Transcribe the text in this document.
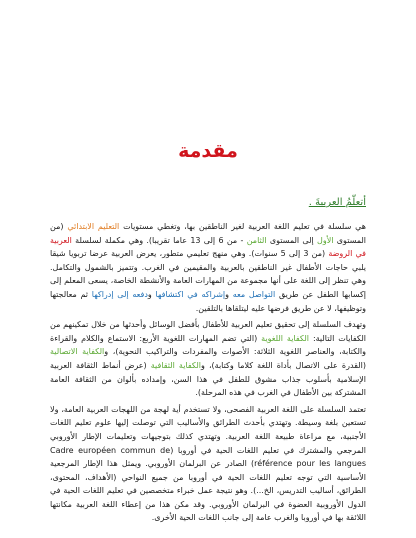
مقدمة
أتعلّمُ العربيةَ .

هي سلسلة في تعليم اللغة العربية لغير الناطقين بها، وتغطي مستويات التعليم الابتدائي (من المستوى الأول إلى المستوى الثامن - من 6 إلى 13 عاما تقريبا). وهي مكملة لسلسلة العربية في الروضة (من 3 إلى 5 سنوات). وهي منهج تعليمي متطور، يعرض العربية عرضا تربويا شيقا يلبي حاجات الأطفال غير الناطقين بالعربية والمقيمين في الغرب. وتتميز بالشمول والتكامل. وهي تنظر إلى اللغة على أنها مجموعة من المهارات العامة والأنشطة الخاصة، يسعى المعلم إلى إكسابها الطفل عن طريق التواصل معه وإشراكه في اكتشافها ودفعه إلى إدراكها ثم معالجتها وتوظيفها، لا عن طريق فرضها عليه ليتلقاها بالتلقين.

وتهدف السلسلة إلى تحقيق تعليم العربية للأطفال بأفضل الوسائل وأحدثها من خلال تمكينهم من الكفايات التالية: الكفاية اللغوية (التي تضم المهارات اللغوية الأربع: الاستماع والكلام والقراءة والكتابة، والعناصر اللغوية الثلاثة: الأصوات والمفردات والتراكيب النحوية)، والكفاية الاتصالية (القدرة على الاتصال بأداة اللغة كلاما وكتابة)، والكفاية الثقافية (عرض أنماط الثقافة العربية الإسلامية بأسلوب جذاب مشوق للطفل في هذا السن، وإمداده بألوان من الثقافة العامة المشتركة بين الأطفال في الغرب في هذه المرحلة).

تعتمد السلسلة على اللغة العربية الفصحى، ولا تستخدم أية لهجة من اللهجات العربية العامة، ولا تستعين بلغة وسيطة. وتهتدي بأحدث الطرائق والأساليب التي توصلت إليها علوم تعليم اللغات الأجنبية، مع مراعاة طبيعة اللغة العربية. وتهتدي كذلك بتوجيهات وتعليمات الإطار الأوروبي المرجعي والمشترك في تعليم اللغات الحية في أوروبا (Cadre européen commun de référence pour les langues) الصادر عن البرلمان الأوروبي. ويمثل هذا الإطار المرجعية الأساسية التي توجه تعليم اللغات الحية في أوروبا من جميع النواحي (الأهداف، المحتوى، الطرائق، أساليب التدريس، الخ...). وهو نتيجة عمل خبراء متخصصين في تعليم اللغات الحية في الدول الأوروبية العضوة في البرلمان الأوروبي. وقد مكن هذا من إعطاء اللغة العربية مكانتها اللائقة بها في أوروبا والغرب عامة إلى جانب اللغات الحية الأخرى.
